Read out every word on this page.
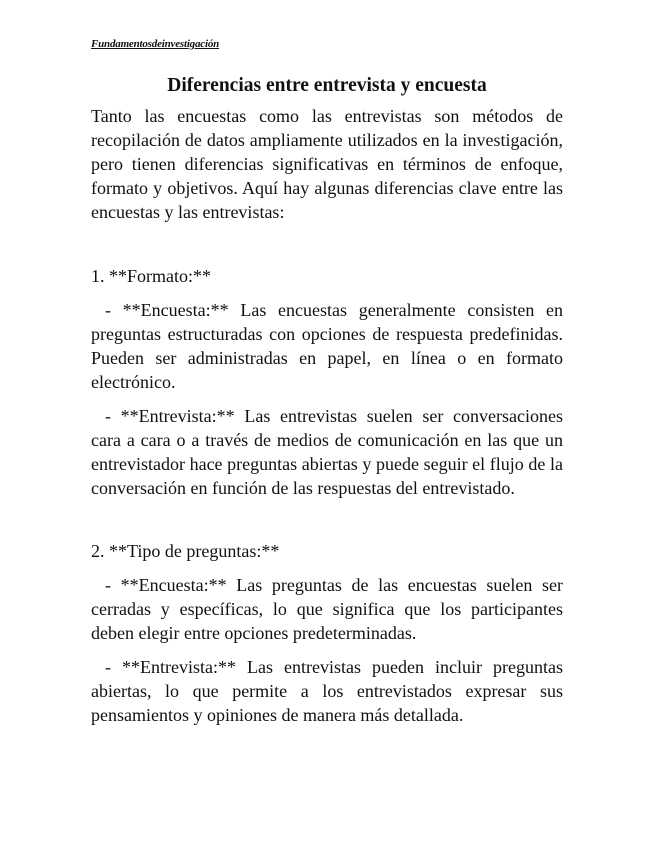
Fundamentosdeinvestigación
Diferencias entre entrevista y encuesta

Tanto las encuestas como las entrevistas son métodos de recopilación de datos ampliamente utilizados en la investigación, pero tienen diferencias significativas en términos de enfoque, formato y objetivos. Aquí hay algunas diferencias clave entre las encuestas y las entrevistas:

1. **Formato:**

- **Encuesta:** Las encuestas generalmente consisten en preguntas estructuradas con opciones de respuesta predefinidas. Pueden ser administradas en papel, en línea o en formato electrónico.

- **Entrevista:** Las entrevistas suelen ser conversaciones cara a cara o a través de medios de comunicación en las que un entrevistador hace preguntas abiertas y puede seguir el flujo de la conversación en función de las respuestas del entrevistado.

2. **Tipo de preguntas:**

- **Encuesta:** Las preguntas de las encuestas suelen ser cerradas y específicas, lo que significa que los participantes deben elegir entre opciones predeterminadas.

- **Entrevista:** Las entrevistas pueden incluir preguntas abiertas, lo que permite a los entrevistados expresar sus pensamientos y opiniones de manera más detallada.
